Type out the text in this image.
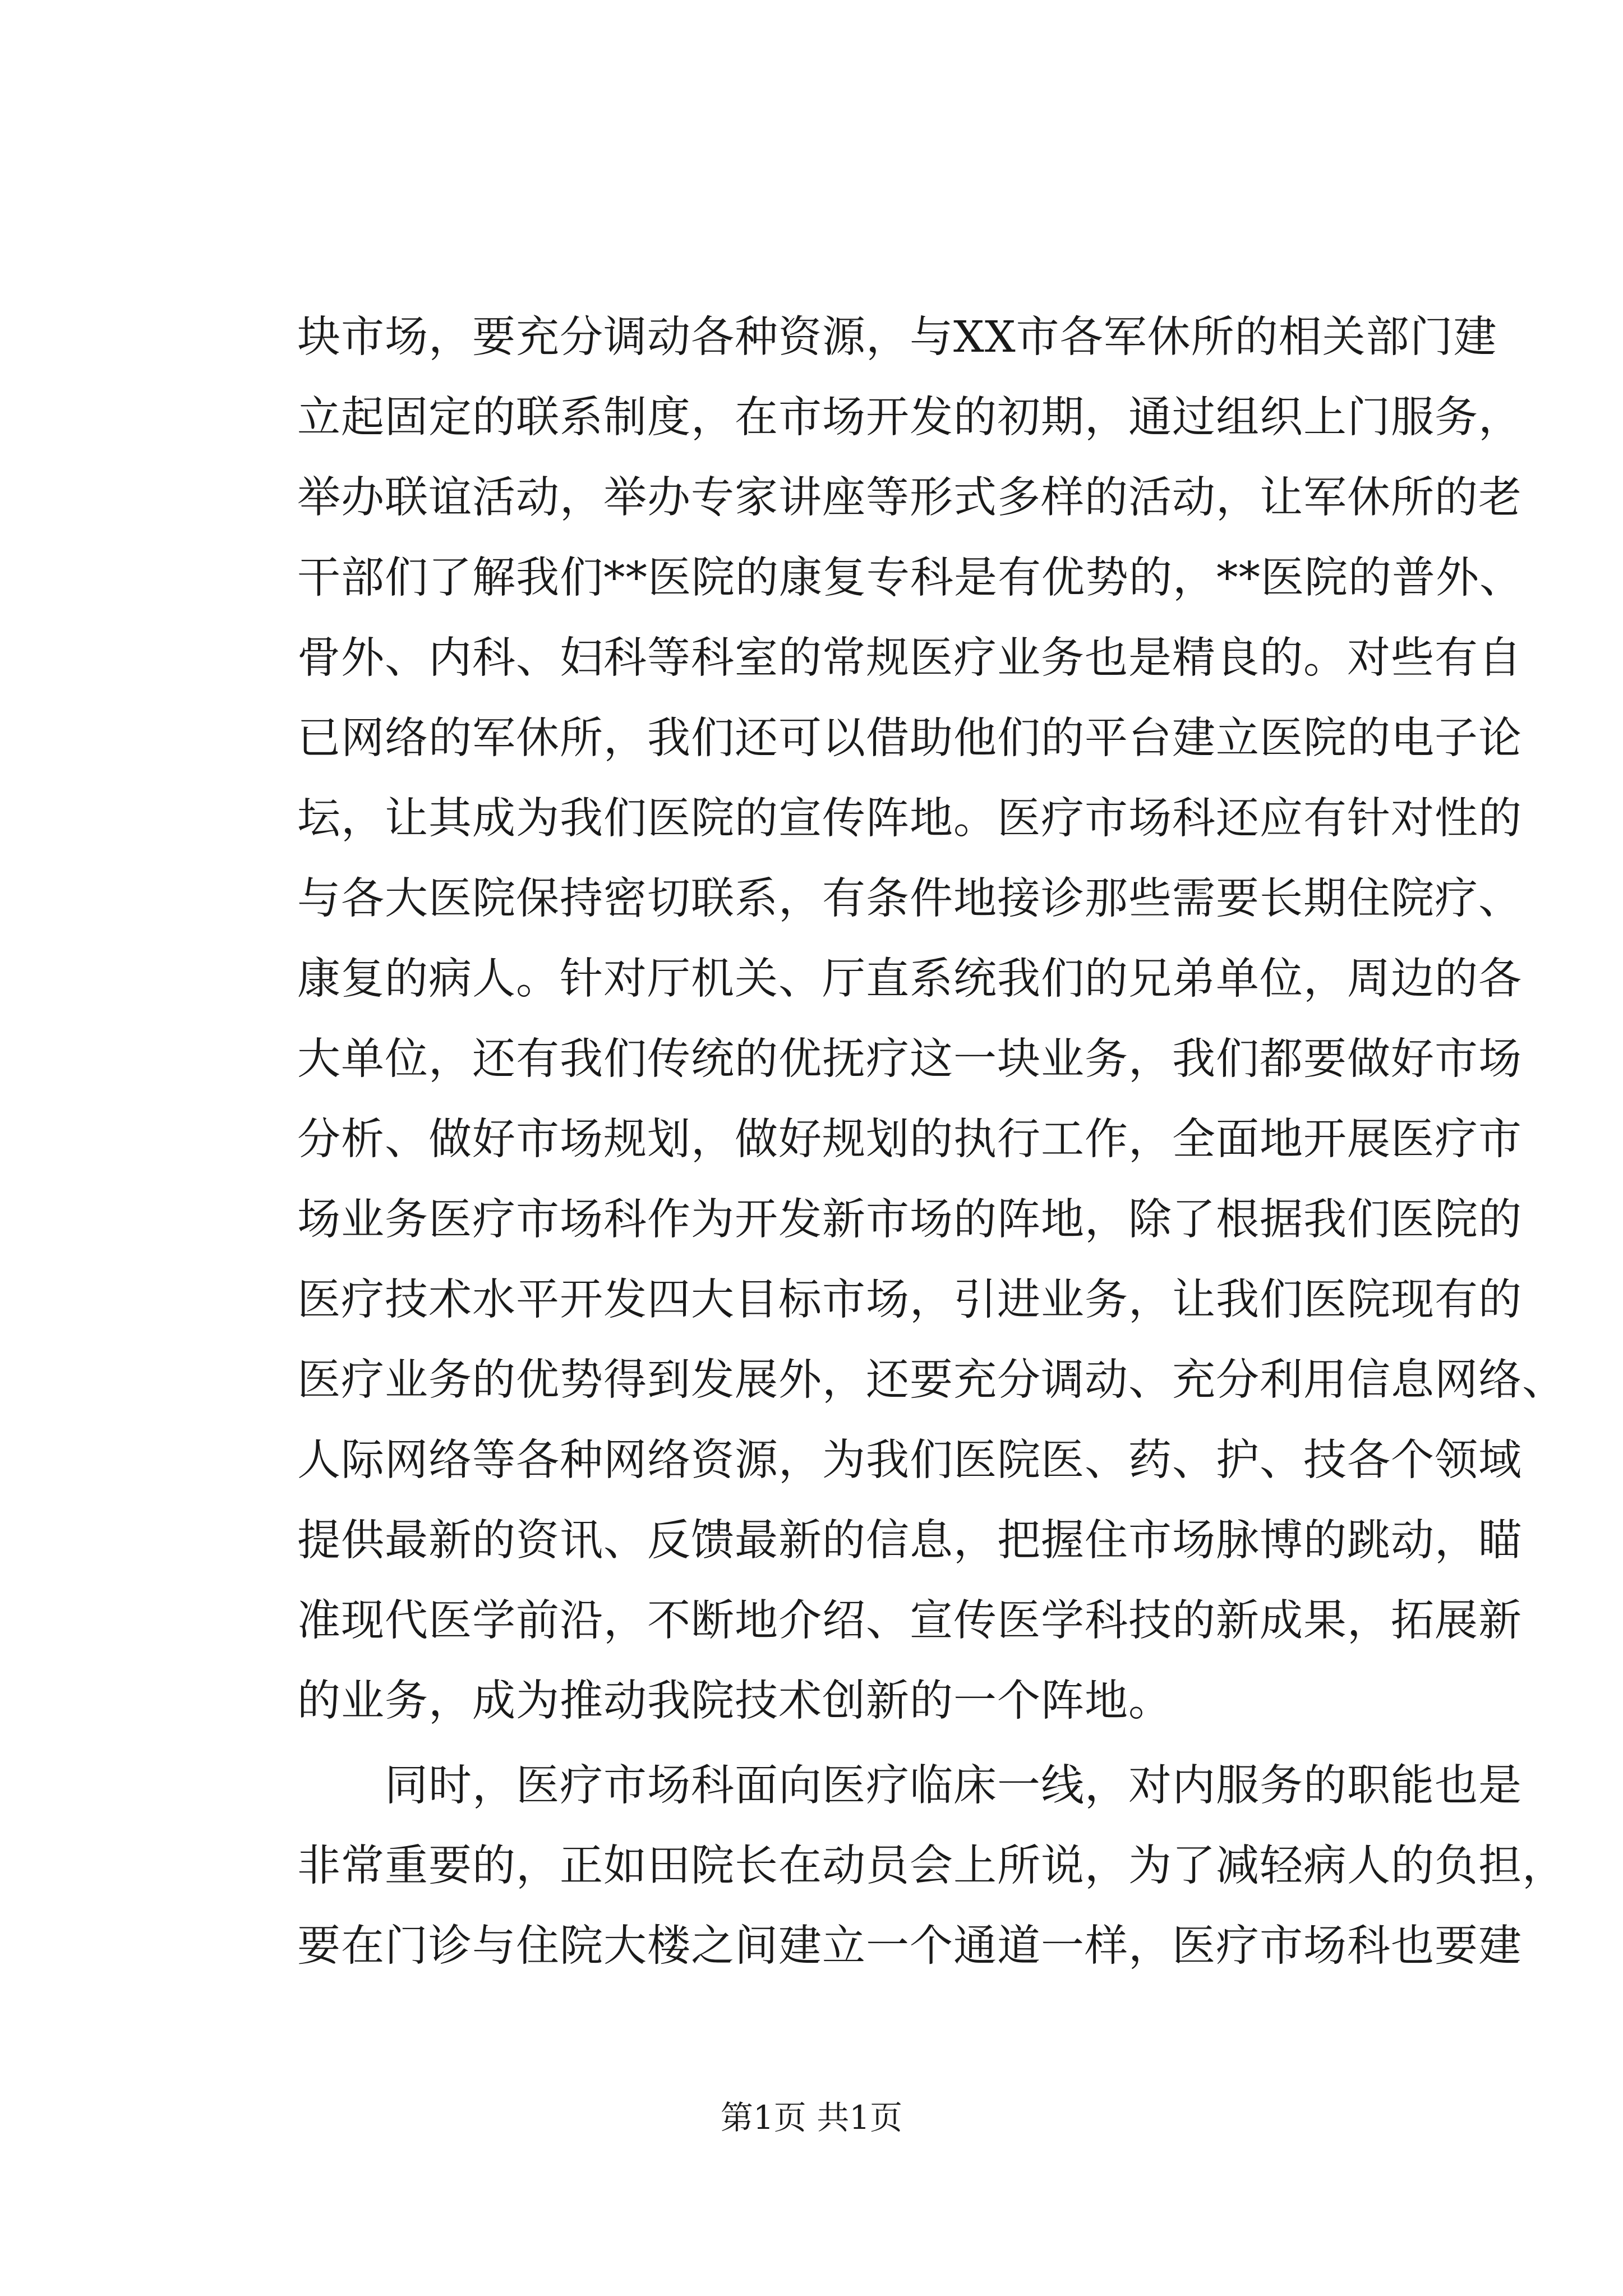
块市场，要充分调动各种资源，与XX市各军休所的相关部门建
立起固定的联系制度，在市场开发的初期，通过组织上门服务，
举办联谊活动，举办专家讲座等形式多样的活动，让军休所的老
干部们了解我们**医院的康复专科是有优势的，**医院的普外、
骨外、内科、妇科等科室的常规医疗业务也是精良的。对些有自
已网络的军休所，我们还可以借助他们的平台建立医院的电子论
坛，让其成为我们医院的宣传阵地。医疗市场科还应有针对性的
与各大医院保持密切联系，有条件地接诊那些需要长期住院疗、
康复的病人。针对厅机关、厅直系统我们的兄弟单位，周边的各
大单位，还有我们传统的优抚疗这一块业务，我们都要做好市场
分析、做好市场规划，做好规划的执行工作，全面地开展医疗市
场业务医疗市场科作为开发新市场的阵地，除了根据我们医院的
医疗技术水平开发四大目标市场，引进业务，让我们医院现有的
医疗业务的优势得到发展外，还要充分调动、充分利用信息网络、
人际网络等各种网络资源，为我们医院医、药、护、技各个领域
提供最新的资讯、反馈最新的信息，把握住市场脉博的跳动，瞄
准现代医学前沿，不断地介绍、宣传医学科技的新成果，拓展新
的业务，成为推动我院技术创新的一个阵地。
同时，医疗市场科面向医疗临床一线，对内服务的职能也是
非常重要的，正如田院长在动员会上所说，为了减轻病人的负担，
要在门诊与住院大楼之间建立一个通道一样，医疗市场科也要建
第1页 共1页
